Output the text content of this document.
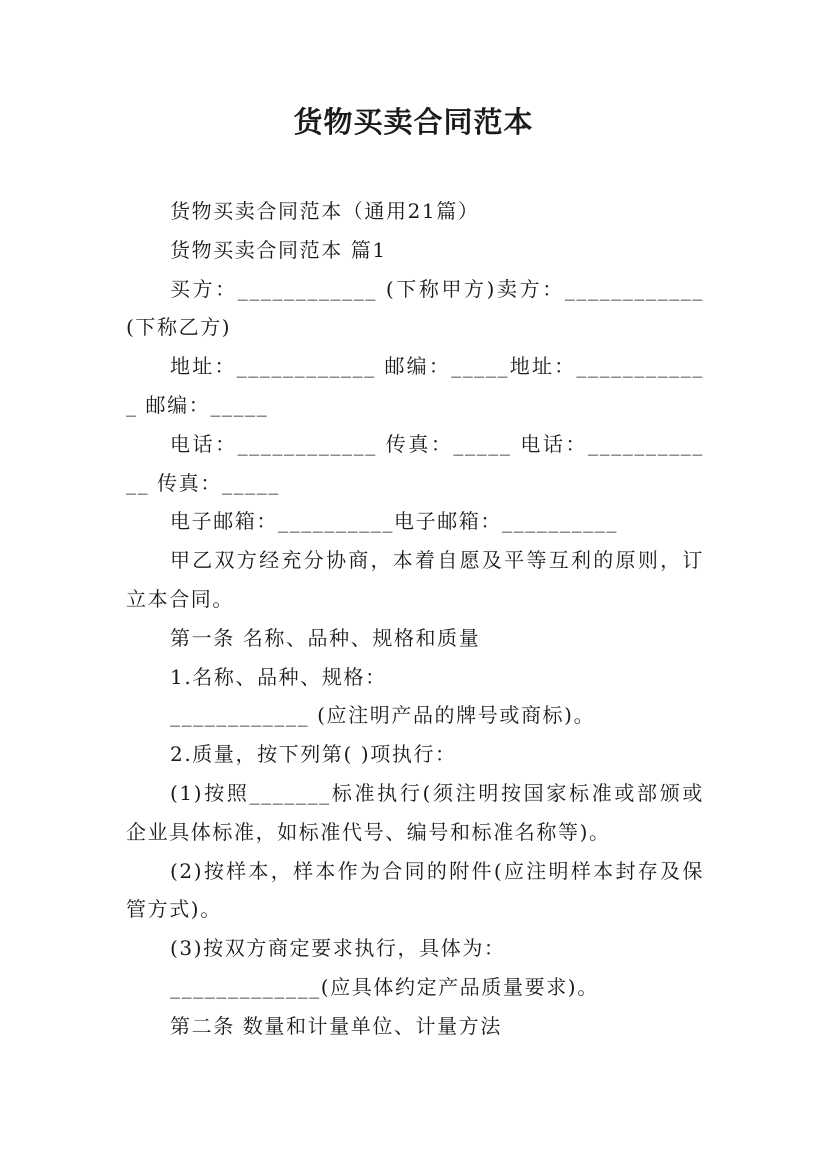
货物买卖合同范本

货物买卖合同范本（通用21篇）

货物买卖合同范本 篇1

买方：____________ (下称甲方)卖方：____________(下称乙方)

地址：____________ 邮编：_____地址：____________ 邮编：_____

电话：____________ 传真：_____ 电话：____________ 传真：_____

电子邮箱：__________电子邮箱：__________

甲乙双方经充分协商，本着自愿及平等互利的原则，订立本合同。

第一条 名称、品种、规格和质量

1.名称、品种、规格：

____________ (应注明产品的牌号或商标)。

2.质量，按下列第( )项执行：

(1)按照_______标准执行(须注明按国家标准或部颁或企业具体标准，如标准代号、编号和标准名称等)。

(2)按样本，样本作为合同的附件(应注明样本封存及保管方式)。

(3)按双方商定要求执行，具体为：

_____________(应具体约定产品质量要求)。

第二条 数量和计量单位、计量方法
